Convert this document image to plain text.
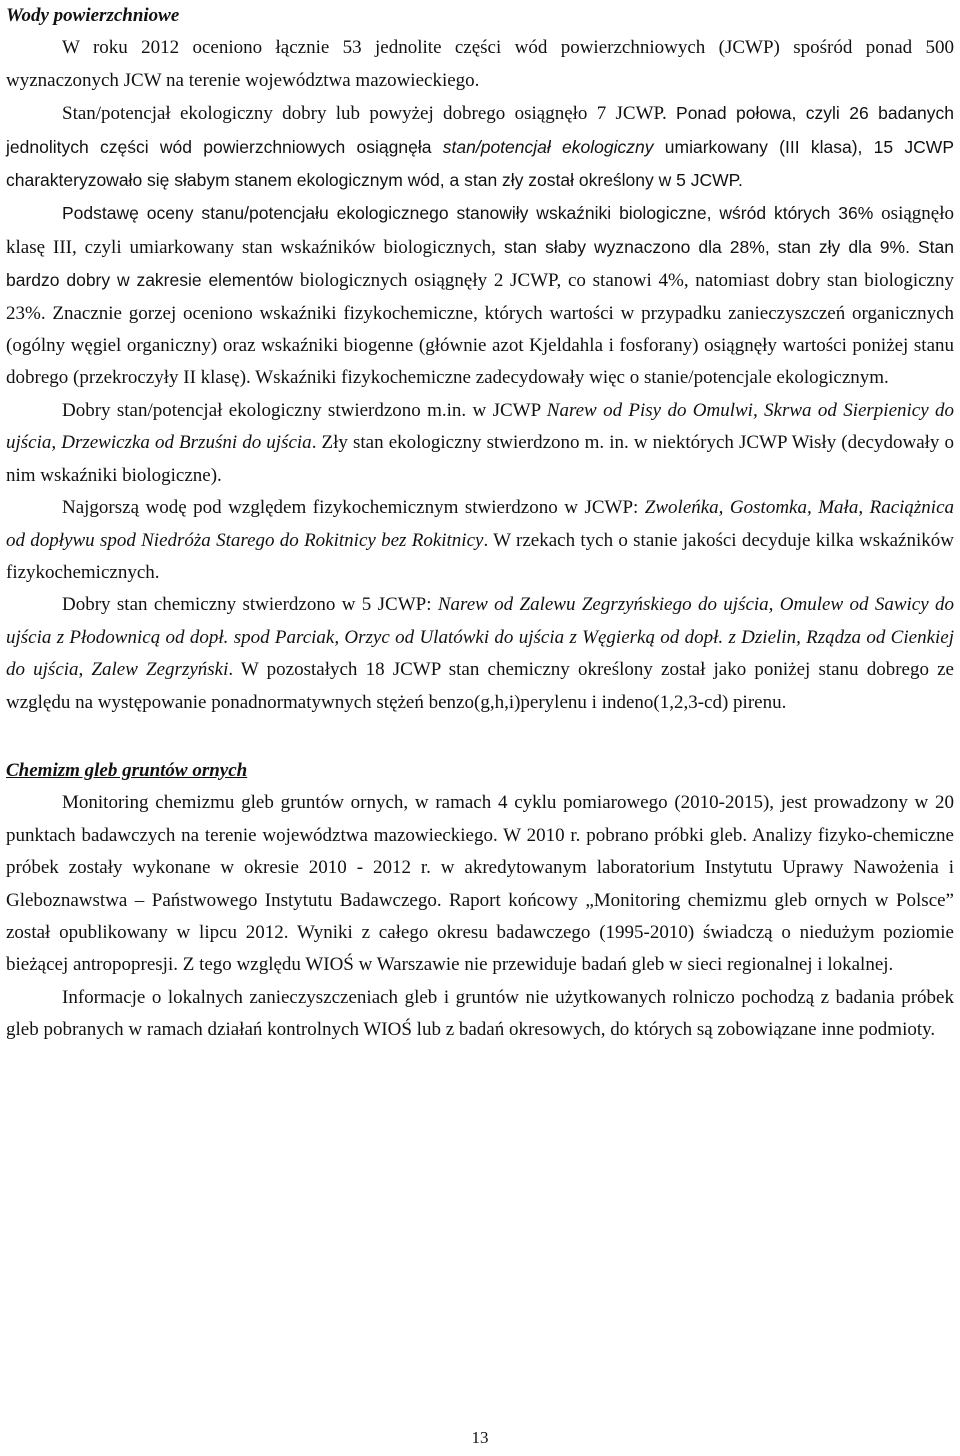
Wody powierzchniowe

W roku 2012 oceniono łącznie 53 jednolite części wód powierzchniowych (JCWP) spośród ponad 500 wyznaczonych JCW na terenie województwa mazowieckiego.

Stan/potencjał ekologiczny dobry lub powyżej dobrego osiągnęło 7 JCWP. Ponad połowa, czyli 26 badanych jednolitych części wód powierzchniowych osiągnęła stan/potencjał ekologiczny umiarkowany (III klasa), 15 JCWP charakteryzowało się słabym stanem ekologicznym wód, a stan zły został określony w 5 JCWP.

Podstawę oceny stanu/potencjału ekologicznego stanowiły wskaźniki biologiczne, wśród których 36% osiągnęło klasę III, czyli umiarkowany stan wskaźników biologicznych, stan słaby wyznaczono dla 28%, stan zły dla 9%. Stan bardzo dobry w zakresie elementów biologicznych osiągnęły 2 JCWP, co stanowi 4%, natomiast dobry stan biologiczny 23%. Znacznie gorzej oceniono wskaźniki fizykochemiczne, których wartości w przypadku zanieczyszczeń organicznych (ogólny węgiel organiczny) oraz wskaźniki biogenne (głównie azot Kjeldahla i fosforany) osiągnęły wartości poniżej stanu dobrego (przekroczyły II klasę). Wskaźniki fizykochemiczne zadecydowały więc o stanie/potencjale ekologicznym.

Dobry stan/potencjał ekologiczny stwierdzono m.in. w JCWP Narew od Pisy do Omulwi, Skrwa od Sierpienicy do ujścia, Drzewiczka od Brzuśni do ujścia. Zły stan ekologiczny stwierdzono m. in. w niektórych JCWP Wisły (decydowały o nim wskaźniki biologiczne).

Najgorszą wodę pod względem fizykochemicznym stwierdzono w JCWP: Zwoleńka, Gostomka, Mała, Raciążnica od dopływu spod Niedróża Starego do Rokitnicy bez Rokitnicy. W rzekach tych o stanie jakości decyduje kilka wskaźników fizykochemicznych.

Dobry stan chemiczny stwierdzono w 5 JCWP: Narew od Zalewu Zegrzyńskiego do ujścia, Omulew od Sawicy do ujścia z Płodownicą od dopł. spod Parciak, Orzyc od Ulatówki do ujścia z Węgierką od dopł. z Dzielin, Rządza od Cienkiej do ujścia, Zalew Zegrzyński. W pozostałych 18 JCWP stan chemiczny określony został jako poniżej stanu dobrego ze względu na występowanie ponadnormatywnych stężeń benzo(g,h,i)perylenu i indeno(1,2,3-cd) pirenu.

Chemizm gleb gruntów ornych

Monitoring chemizmu gleb gruntów ornych, w ramach 4 cyklu pomiarowego (2010-2015), jest prowadzony w 20 punktach badawczych na terenie województwa mazowieckiego. W 2010 r. pobrano próbki gleb. Analizy fizyko-chemiczne próbek zostały wykonane w okresie 2010 - 2012 r. w akredytowanym laboratorium Instytutu Uprawy Nawożenia i Gleboznawstwa – Państwowego Instytutu Badawczego. Raport końcowy „Monitoring chemizmu gleb ornych w Polsce” został opublikowany w lipcu 2012. Wyniki z całego okresu badawczego (1995-2010) świadczą o niedużym poziomie bieżącej antropopresji. Z tego względu WIOŚ w Warszawie nie przewiduje badań gleb w sieci regionalnej i lokalnej.

Informacje o lokalnych zanieczyszczeniach gleb i gruntów nie użytkowanych rolniczo pochodzą z badania próbek gleb pobranych w ramach działań kontrolnych WIOŚ lub z badań okresowych, do których są zobowiązane inne podmioty.

13
